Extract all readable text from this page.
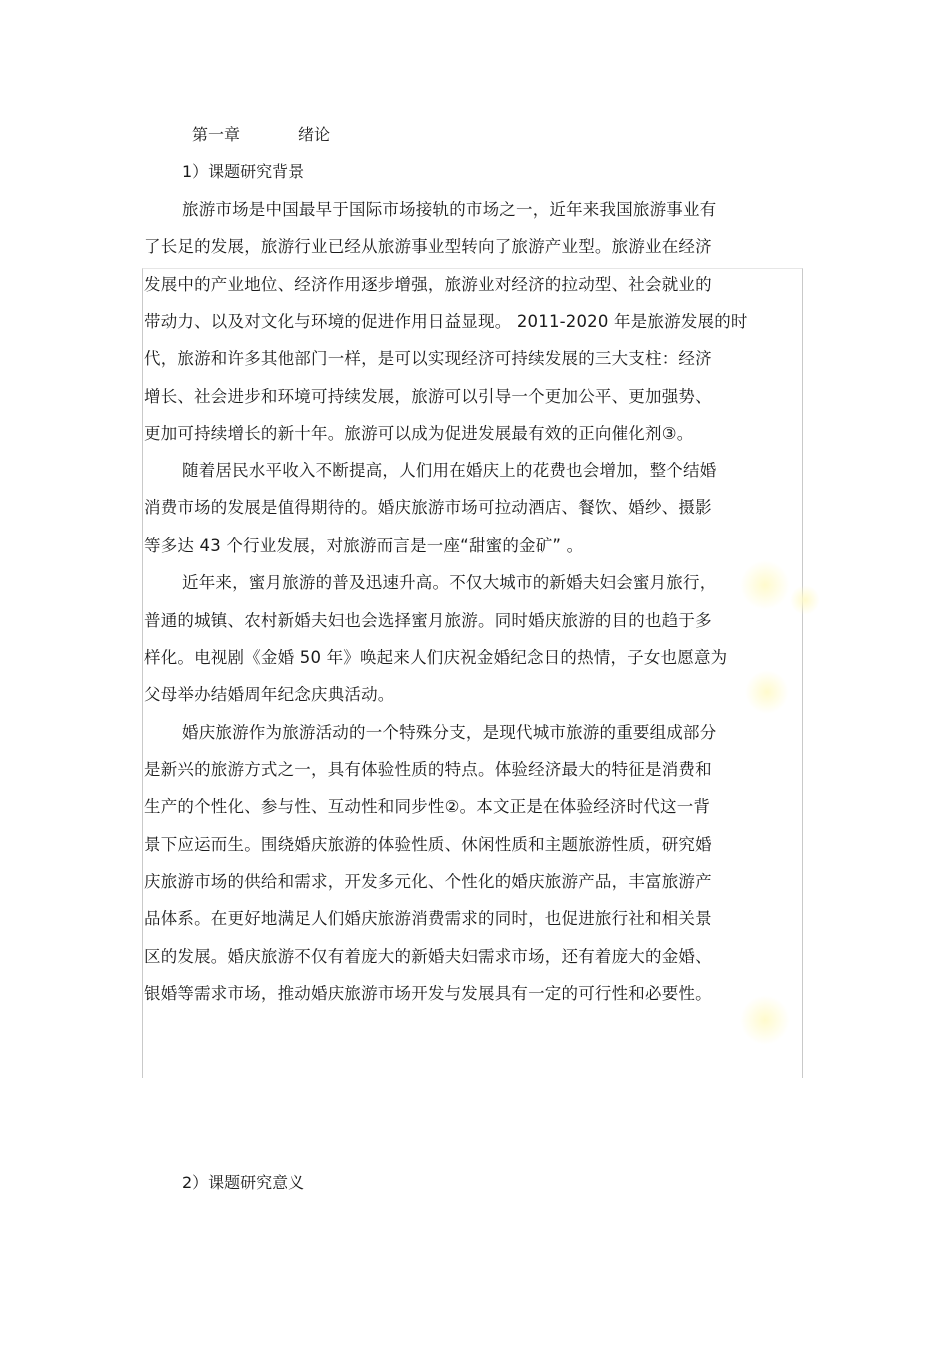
第一章	绪论
1）课题研究背景
旅游市场是中国最早于国际市场接轨的市场之一，近年来我国旅游事业有
了长足的发展，旅游行业已经从旅游事业型转向了旅游产业型。旅游业在经济
发展中的产业地位、经济作用逐步增强，旅游业对经济的拉动型、社会就业的
带动力、以及对文化与环境的促进作用日益显现。 2011-2020 年是旅游发展的时
代，旅游和许多其他部门一样，是可以实现经济可持续发展的三大支柱：经济
增长、社会进步和环境可持续发展，旅游可以引导一个更加公平、更加强势、
更加可持续增长的新十年。旅游可以成为促进发展最有效的正向催化剂③。
随着居民水平收入不断提高，人们用在婚庆上的花费也会增加，整个结婚
消费市场的发展是值得期待的。婚庆旅游市场可拉动酒店、餐饮、婚纱、摄影
等多达 43 个行业发展，对旅游而言是一座“甜蜜的金矿” 。
近年来，蜜月旅游的普及迅速升高。不仅大城市的新婚夫妇会蜜月旅行，
普通的城镇、农村新婚夫妇也会选择蜜月旅游。同时婚庆旅游的目的也趋于多
样化。电视剧《金婚 50 年》唤起来人们庆祝金婚纪念日的热情，子女也愿意为
父母举办结婚周年纪念庆典活动。
婚庆旅游作为旅游活动的一个特殊分支，是现代城市旅游的重要组成部分
是新兴的旅游方式之一，具有体验性质的特点。体验经济最大的特征是消费和
生产的个性化、参与性、互动性和同步性②。本文正是在体验经济时代这一背
景下应运而生。围绕婚庆旅游的体验性质、休闲性质和主题旅游性质，研究婚
庆旅游市场的供给和需求，开发多元化、个性化的婚庆旅游产品，丰富旅游产
品体系。在更好地满足人们婚庆旅游消费需求的同时，也促进旅行社和相关景
区的发展。婚庆旅游不仅有着庞大的新婚夫妇需求市场，还有着庞大的金婚、
银婚等需求市场，推动婚庆旅游市场开发与发展具有一定的可行性和必要性。
2）课题研究意义
